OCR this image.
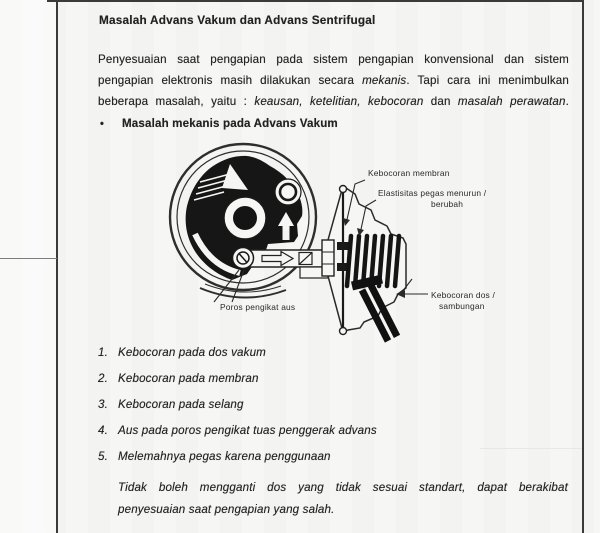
Masalah Advans Vakum dan Advans Sentrifugal
Penyesuaian saat pengapian pada sistem pengapian konvensional dan sistem
pengapian elektronis masih dilakukan secara mekanis. Tapi cara ini menimbulkan
beberapa masalah, yaitu : keausan, ketelitian, kebocoran dan masalah perawatan.
• Masalah mekanis pada Advans Vakum
Kebocoran membran
Elastisitas pegas menurun /
berubah
Poros pengikat aus
Kebocoran dos /
sambungan
1. Kebocoran pada dos vakum
2. Kebocoran pada membran
3. Kebocoran pada selang
4. Aus pada poros pengikat tuas penggerak advans
5. Melemahnya pegas karena penggunaan
Tidak boleh mengganti dos yang tidak sesuai standart, dapat berakibat
penyesuaian saat pengapian yang salah.
